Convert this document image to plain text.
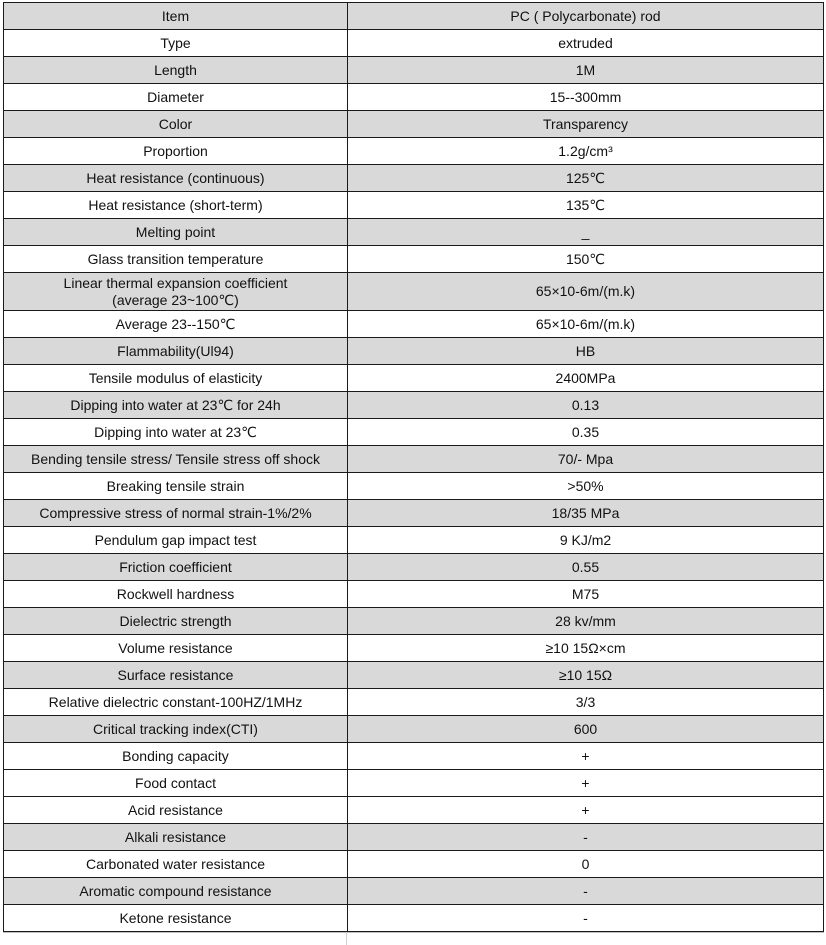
Item	PC ( Polycarbonate) rod
Type	extruded
Length	1M
Diameter	15--300mm
Color	Transparency
Proportion	1.2g/cm³
Heat resistance (continuous)	125℃
Heat resistance (short-term)	135℃
Melting point	_
Glass transition temperature	150℃
Linear thermal expansion coefficient
(average 23~100℃)	65×10-6m/(m.k)
Average 23--150℃	65×10-6m/(m.k)
Flammability(Ul94)	HB
Tensile modulus of elasticity	2400MPa
Dipping into water at 23℃ for 24h	0.13
Dipping into water at 23℃	0.35
Bending tensile stress/ Tensile stress off shock	70/- Mpa
Breaking tensile strain	>50%
Compressive stress of normal strain-1%/2%	18/35 MPa
Pendulum gap impact test	9 KJ/m2
Friction coefficient	0.55
Rockwell hardness	M75
Dielectric strength	28 kv/mm
Volume resistance	≥10 15Ω×cm
Surface resistance	≥10 15Ω
Relative dielectric constant-100HZ/1MHz	3/3
Critical tracking index(CTI)	600
Bonding capacity	+
Food contact	+
Acid resistance	+
Alkali resistance	-
Carbonated water resistance	0
Aromatic compound resistance	-
Ketone resistance	-
